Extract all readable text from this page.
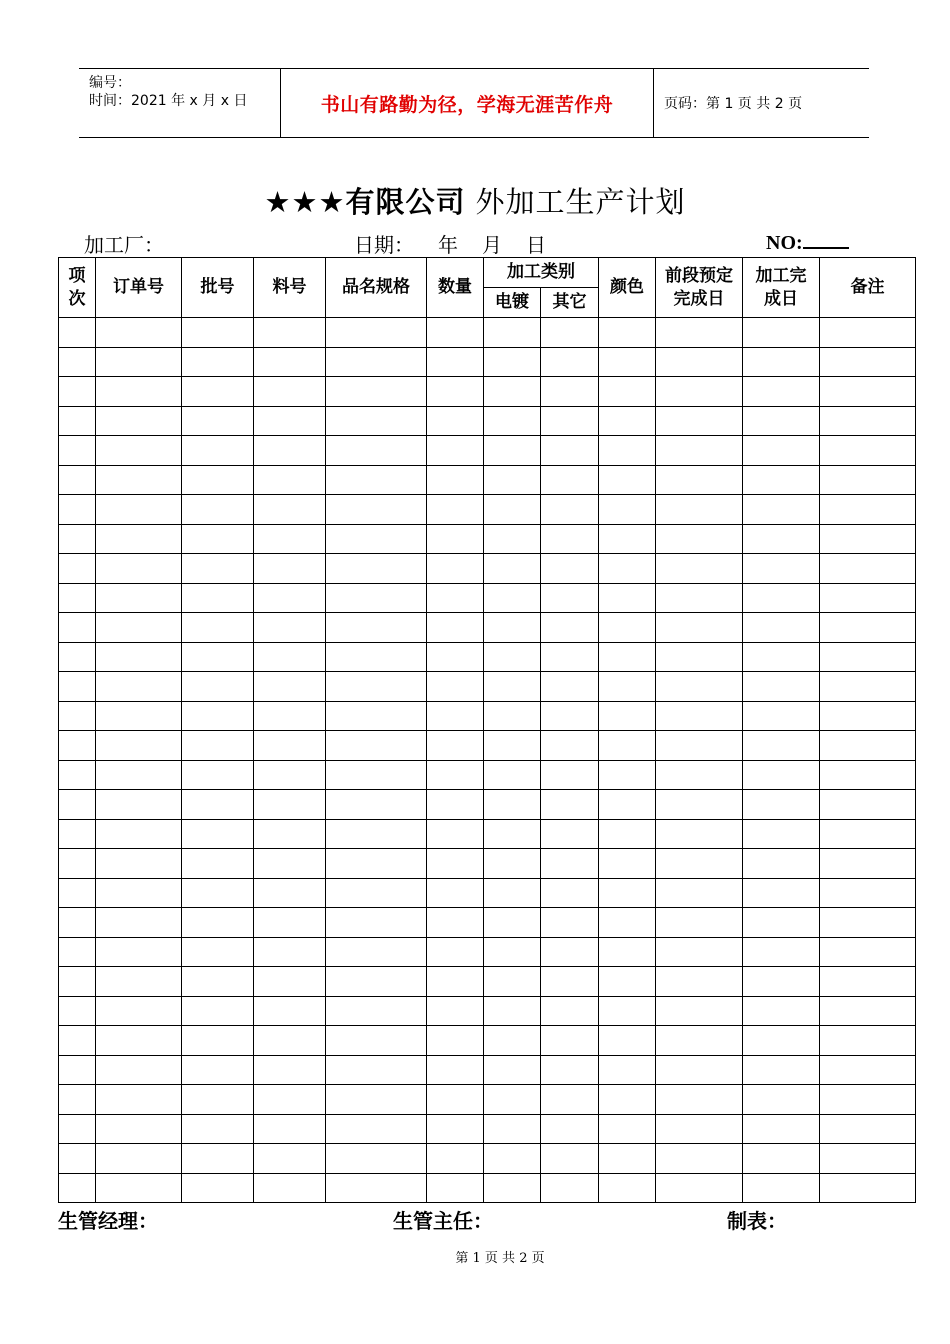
编号：
时间：2021 年 x 月 x 日	书山有路勤为径，学海无涯苦作舟	页码：第 1 页 共 2 页
★★★有限公司 外加工生产计划
加工厂：	日期： 年 月 日	NO:
项次	订单号	批号	料号	品名规格	数量	加工类别		颜色	前段预定完成日	加工完成日	备注
						电镀	其它				

生管经理：	生管主任：	制表：
第 1 页 共 2 页
